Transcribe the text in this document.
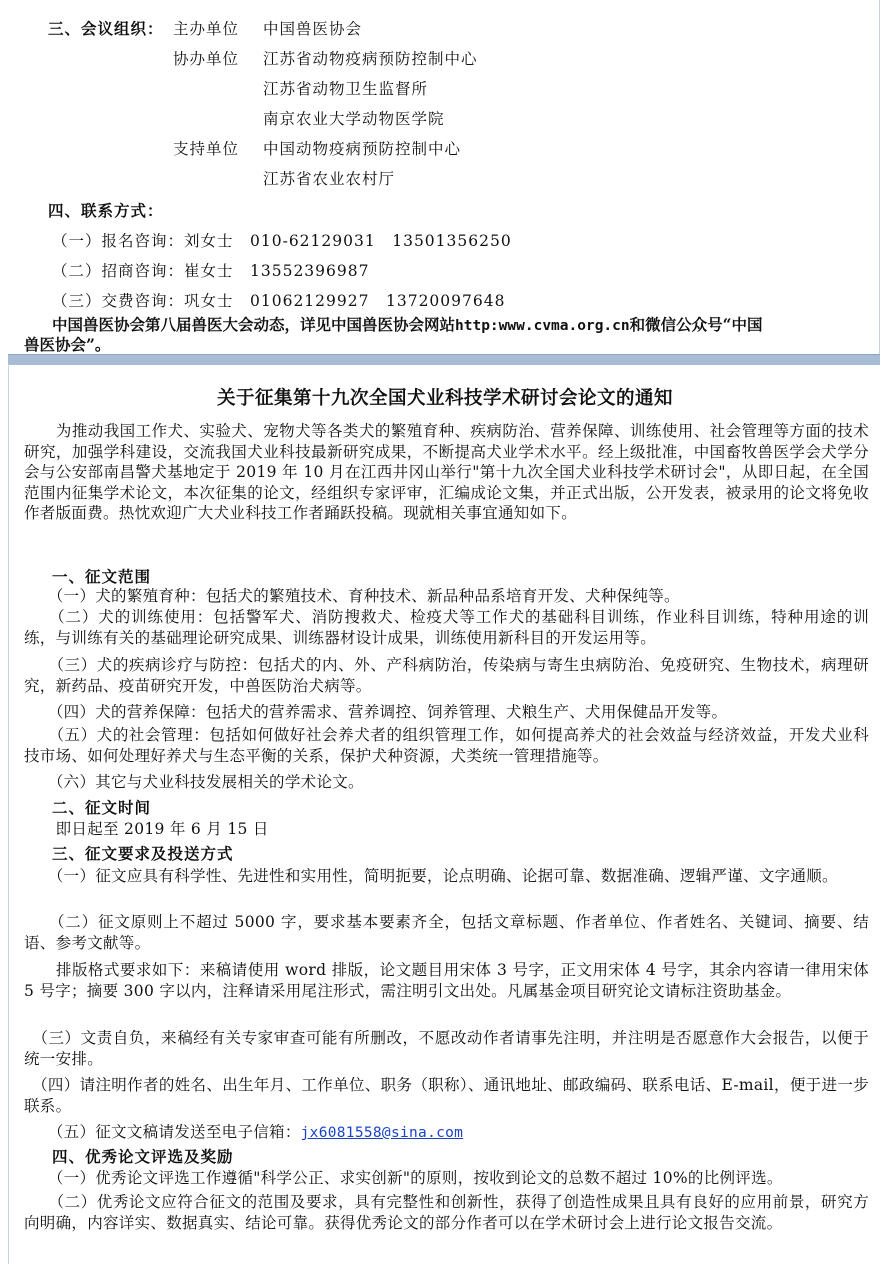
三、会议组织： 主办单位 中国兽医协会
协办单位 江苏省动物疫病预防控制中心
江苏省动物卫生监督所
南京农业大学动物医学院
支持单位 中国动物疫病预防控制中心
江苏省农业农村厅
四、联系方式：
（一）报名咨询：刘女士　010-62129031　13501356250
（二）招商咨询：崔女士　13552396987
（三）交费咨询：巩女士　01062129927　13720097648
中国兽医协会第八届兽医大会动态，详见中国兽医协会网站http:www.cvma.org.cn和微信公众号“中国
兽医协会”。
关于征集第十九次全国犬业科技学术研讨会论文的通知
　　为推动我国工作犬、实验犬、宠物犬等各类犬的繁殖育种、疾病防治、营养保障、训练使用、社会管理等方面的技术研究，加强学科建设，交流我国犬业科技最新研究成果，不断提高犬业学术水平。经上级批准，中国畜牧兽医学会犬学分会与公安部南昌警犬基地定于 2019 年 10 月在江西井冈山举行"第十九次全国犬业科技学术研讨会"，从即日起，在全国范围内征集学术论文，本次征集的论文，经组织专家评审，汇编成论文集，并正式出版，公开发表，被录用的论文将免收作者版面费。热忱欢迎广大犬业科技工作者踊跃投稿。现就相关事宜通知如下。
一、征文范围
　　（一）犬的繁殖育种：包括犬的繁殖技术、育种技术、新品种品系培育开发、犬种保纯等。
　　（二）犬的训练使用：包括警军犬、消防搜救犬、检疫犬等工作犬的基础科目训练，作业科目训练，特种用途的训练，与训练有关的基础理论研究成果、训练器材设计成果，训练使用新科目的开发运用等。
　　（三）犬的疾病诊疗与防控：包括犬的内、外、产科病防治，传染病与寄生虫病防治、免疫研究、生物技术，病理研究，新药品、疫苗研究开发，中兽医防治犬病等。
　　（四）犬的营养保障：包括犬的营养需求、营养调控、饲养管理、犬粮生产、犬用保健品开发等。
　　（五）犬的社会管理：包括如何做好社会养犬者的组织管理工作，如何提高养犬的社会效益与经济效益，开发犬业科技市场、如何处理好养犬与生态平衡的关系，保护犬种资源，犬类统一管理措施等。
　　（六）其它与犬业科技发展相关的学术论文。
二、征文时间
　　即日起至 2019 年 6 月 15 日
三、征文要求及投送方式
　　（一）征文应具有科学性、先进性和实用性，简明扼要，论点明确、论据可靠、数据准确、逻辑严谨、文字通顺。
　　（二）征文原则上不超过 5000 字，要求基本要素齐全，包括文章标题、作者单位、作者姓名、关键词、摘要、结语、参考文献等。
　　排版格式要求如下：来稿请使用 word 排版，论文题目用宋体 3 号字，正文用宋体 4 号字，其余内容请一律用宋体 5 号字；摘要 300 字以内，注释请采用尾注形式，需注明引文出处。凡属基金项目研究论文请标注资助基金。
　（三）文责自负，来稿经有关专家审查可能有所删改，不愿改动作者请事先注明，并注明是否愿意作大会报告，以便于统一安排。
　（四）请注明作者的姓名、出生年月、工作单位、职务（职称）、通讯地址、邮政编码、联系电话、E-mail，便于进一步联系。
　　（五）征文文稿请发送至电子信箱：jx6081558@sina.com
四、优秀论文评选及奖励
　　（一）优秀论文评选工作遵循"科学公正、求实创新"的原则，按收到论文的总数不超过 10%的比例评选。
　　（二）优秀论文应符合征文的范围及要求，具有完整性和创新性，获得了创造性成果且具有良好的应用前景，研究方向明确，内容详实、数据真实、结论可靠。获得优秀论文的部分作者可以在学术研讨会上进行论文报告交流。
